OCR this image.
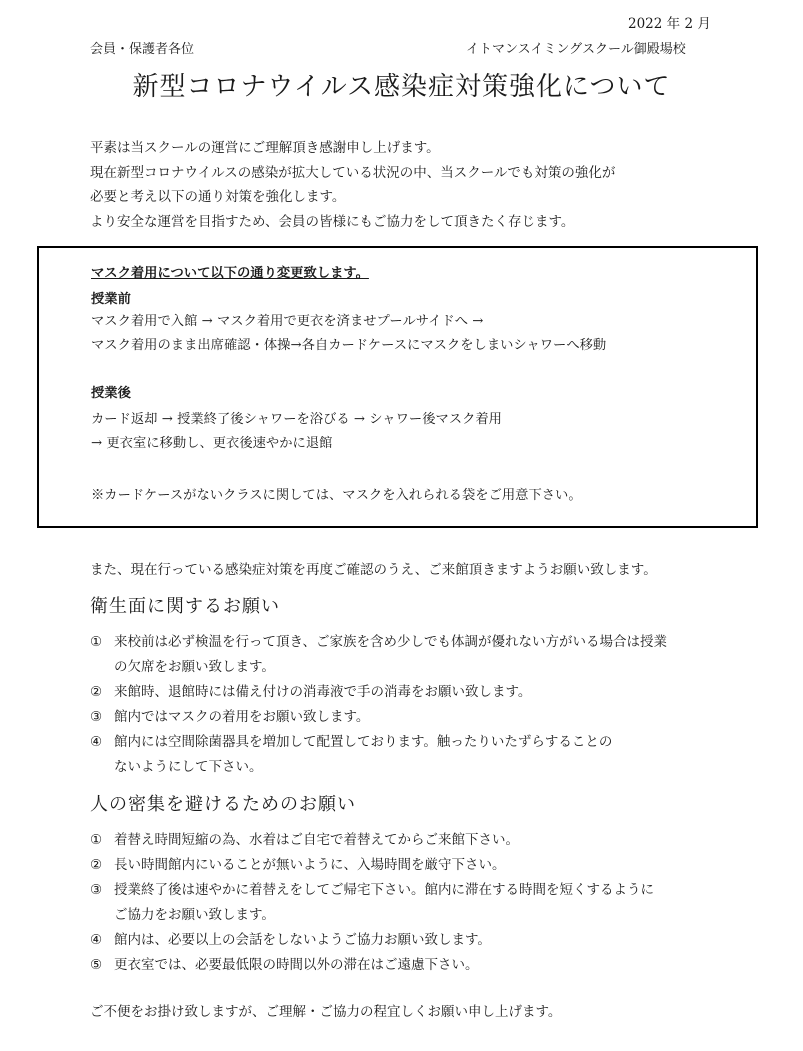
2022 年 2 月
会員・保護者各位	イトマンスイミングスクール御殿場校
新型コロナウイルス感染症対策強化について
平素は当スクールの運営にご理解頂き感謝申し上げます。
現在新型コロナウイルスの感染が拡大している状況の中、当スクールでも対策の強化が
必要と考え以下の通り対策を強化します。
より安全な運営を目指すため、会員の皆様にもご協力をして頂きたく存じます。
マスク着用について以下の通り変更致します。
授業前
マスク着用で入館 → マスク着用で更衣を済ませプールサイドへ →
マスク着用のまま出席確認・体操→各自カードケースにマスクをしまいシャワーへ移動
授業後
カード返却 → 授業終了後シャワーを浴びる → シャワー後マスク着用
→ 更衣室に移動し、更衣後速やかに退館
※カードケースがないクラスに関しては、マスクを入れられる袋をご用意下さい。
また、現在行っている感染症対策を再度ご確認のうえ、ご来館頂きますようお願い致します。
衛生面に関するお願い
① 来校前は必ず検温を行って頂き、ご家族を含め少しでも体調が優れない方がいる場合は授業
の欠席をお願い致します。
② 来館時、退館時には備え付けの消毒液で手の消毒をお願い致します。
③ 館内ではマスクの着用をお願い致します。
④ 館内には空間除菌器具を増加して配置しております。触ったりいたずらすることの
ないようにして下さい。
人の密集を避けるためのお願い
① 着替え時間短縮の為、水着はご自宅で着替えてからご来館下さい。
② 長い時間館内にいることが無いように、入場時間を厳守下さい。
③ 授業終了後は速やかに着替えをしてご帰宅下さい。館内に滞在する時間を短くするように
ご協力をお願い致します。
④ 館内は、必要以上の会話をしないようご協力お願い致します。
⑤ 更衣室では、必要最低限の時間以外の滞在はご遠慮下さい。
ご不便をお掛け致しますが、ご理解・ご協力の程宜しくお願い申し上げます。
